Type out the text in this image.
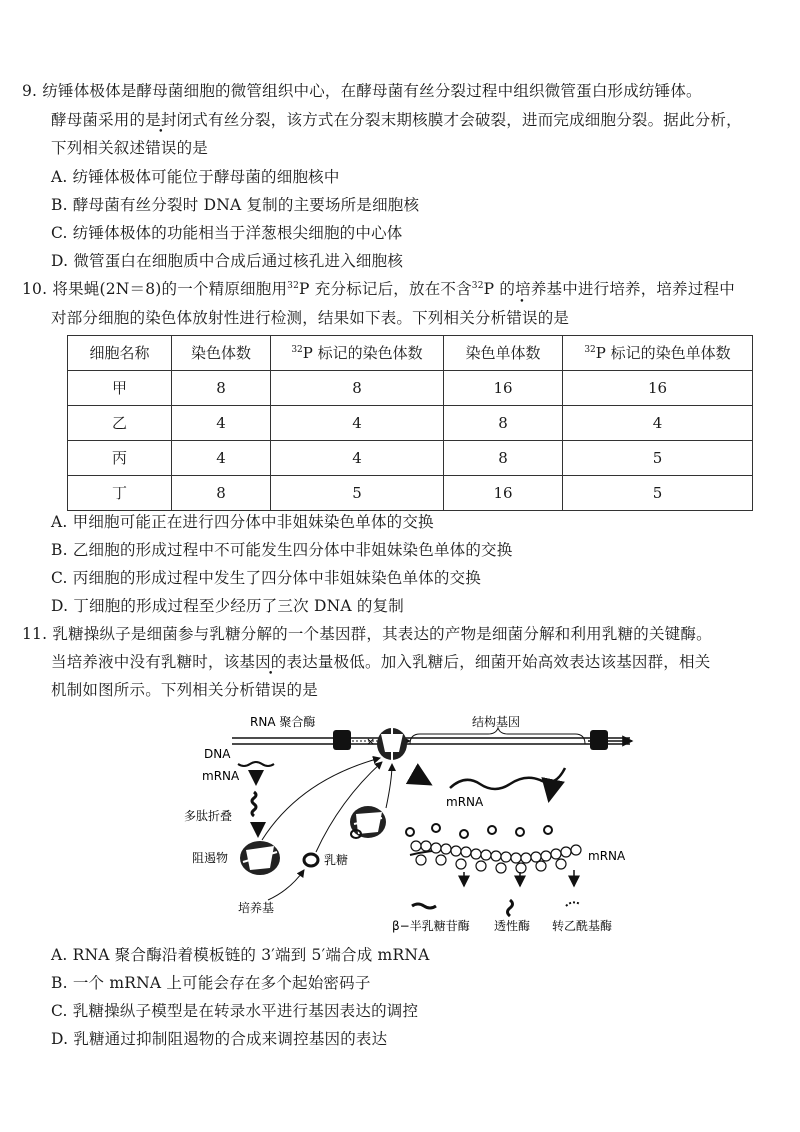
9. 纺锤体极体是酵母菌细胞的微管组织中心，在酵母菌有丝分裂过程中组织微管蛋白形成纺锤体。
酵母菌采用的是封闭式有丝分裂，该方式在分裂末期核膜才会破裂，进而完成细胞分裂。据此分析，
下列相关叙述错误的是
A. 纺锤体极体可能位于酵母菌的细胞核中
B. 酵母菌有丝分裂时 DNA 复制的主要场所是细胞核
C. 纺锤体极体的功能相当于洋葱根尖细胞的中心体
D. 微管蛋白在细胞质中合成后通过核孔进入细胞核
10. 将果蝇(2N＝8)的一个精原细胞用$^{32}$P 充分标记后，放在不含$^{32}$P 的培养基中进行培养，培养过程中
对部分细胞的染色体放射性进行检测，结果如下表。下列相关分析错误的是
细胞名称	染色体数	$^{32}$P 标记的染色体数	染色单体数	$^{32}$P 标记的染色单体数
甲	8	8	16	16
乙	4	4	8	4
丙	4	4	8	5
丁	8	5	16	5
A. 甲细胞可能正在进行四分体中非姐妹染色单体的交换
B. 乙细胞的形成过程中不可能发生四分体中非姐妹染色单体的交换
C. 丙细胞的形成过程中发生了四分体中非姐妹染色单体的交换
D. 丁细胞的形成过程至少经历了三次 DNA 的复制
11. 乳糖操纵子是细菌参与乳糖分解的一个基因群，其表达的产物是细菌分解和利用乳糖的关键酶。
当培养液中没有乳糖时，该基因的表达量极低。加入乳糖后，细菌开始高效表达该基因群，相关
机制如图所示。下列相关分析错误的是
RNA 聚合酶	结构基因
DNA
×
mRNA
多肽折叠
阻遏物	乳糖
培养基
mRNA
mRNA
β−半乳糖苷酶 透性酶 转乙酰基酶
A. RNA 聚合酶沿着模板链的 3′端到 5′端合成 mRNA
B. 一个 mRNA 上可能会存在多个起始密码子
C. 乳糖操纵子模型是在转录水平进行基因表达的调控
D. 乳糖通过抑制阻遏物的合成来调控基因的表达
